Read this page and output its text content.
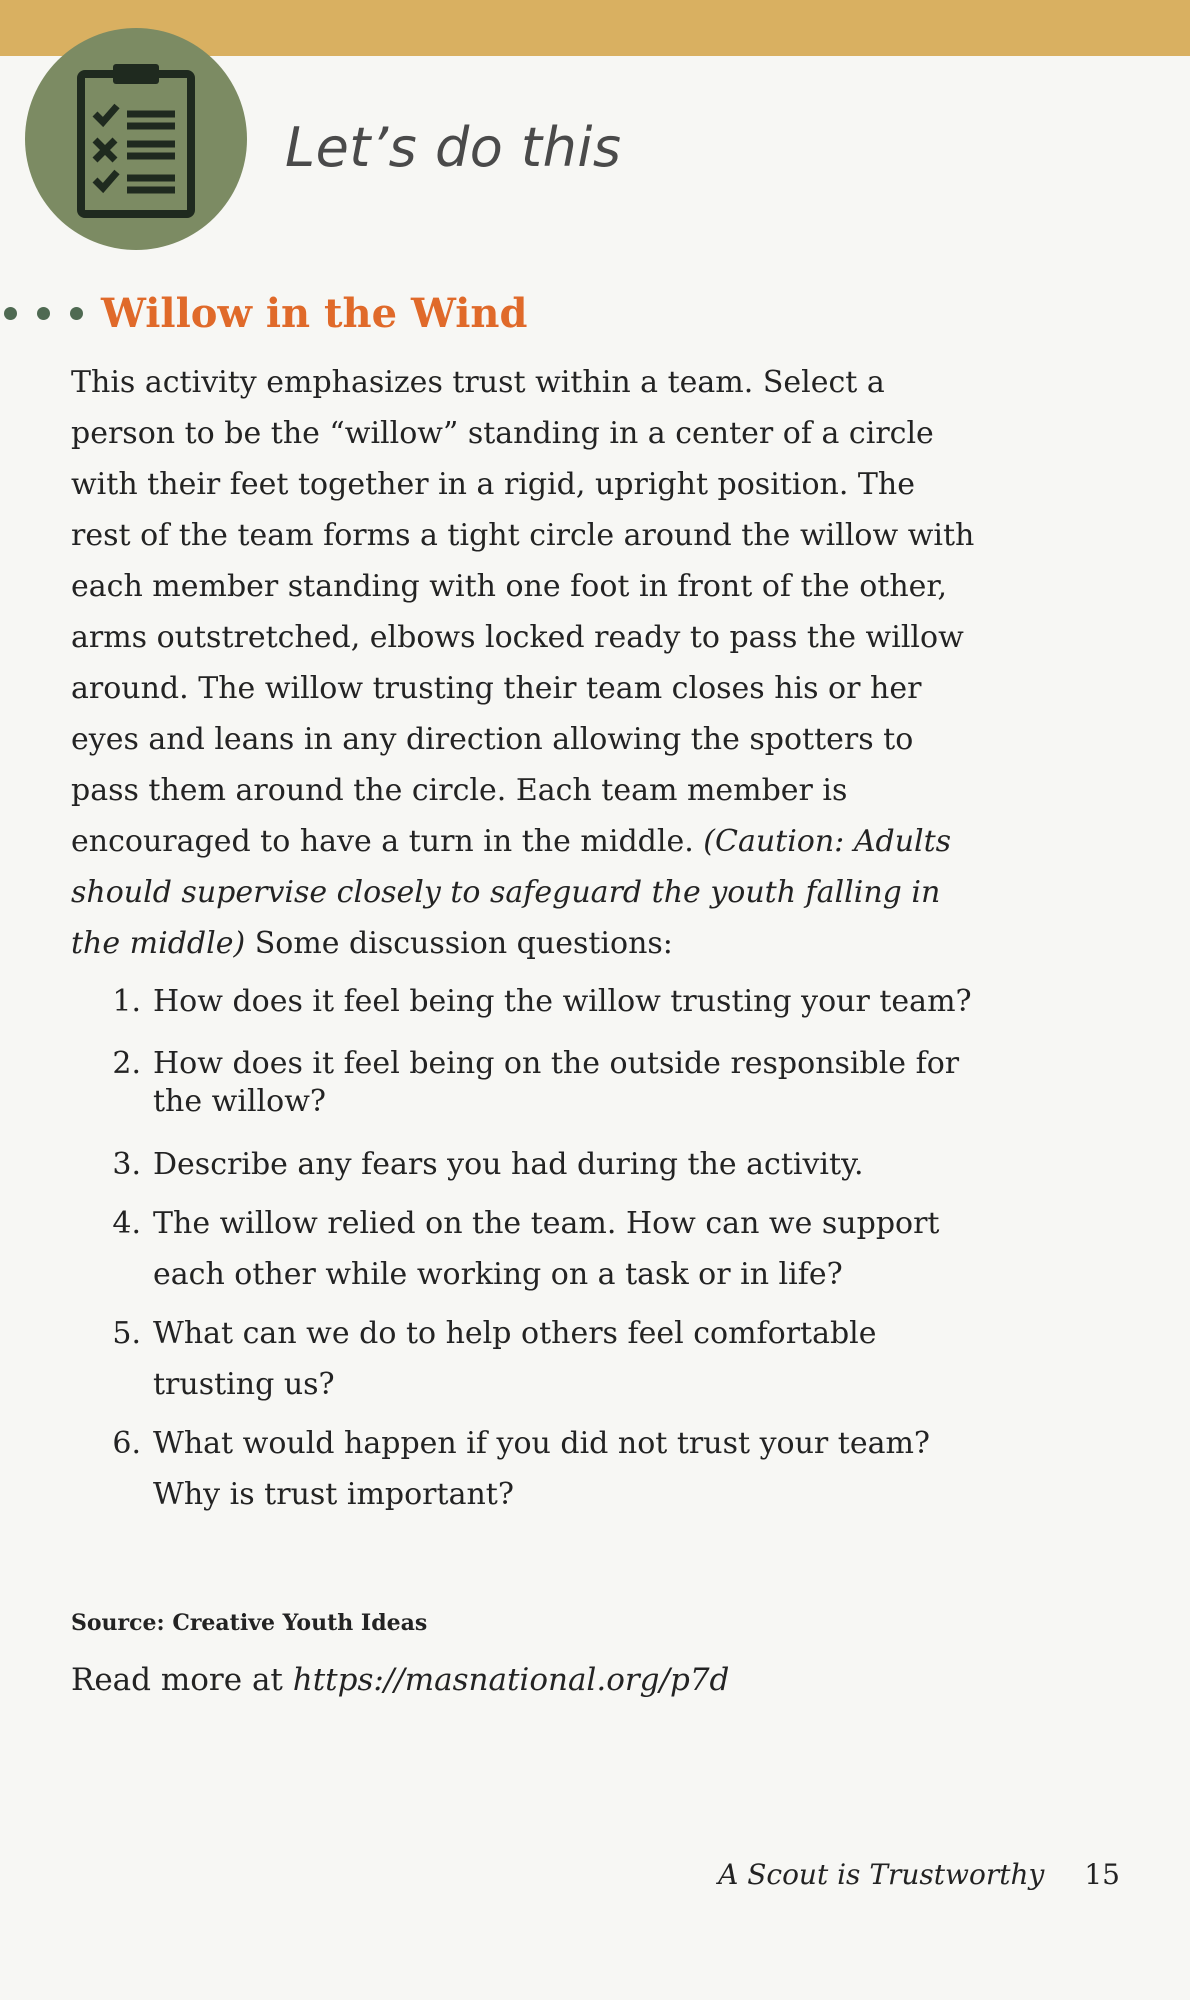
Let’s do this
Willow in the Wind

This activity emphasizes trust within a team. Select a person to be the “willow” standing in a center of a circle with their feet together in a rigid, upright position. The rest of the team forms a tight circle around the willow with each member standing with one foot in front of the other, arms outstretched, elbows locked ready to pass the willow around. The willow trusting their team closes his or her eyes and leans in any direction allowing the spotters to pass them around the circle. Each team member is encouraged to have a turn in the middle. (Caution: Adults should supervise closely to safeguard the youth falling in the middle) Some discussion questions:

1. How does it feel being the willow trusting your team?
2. How does it feel being on the outside responsible for the willow?
3. Describe any fears you had during the activity.
4. The willow relied on the team. How can we support each other while working on a task or in life?
5. What can we do to help others feel comfortable trusting us?
6. What would happen if you did not trust your team? Why is trust important?
Source: Creative Youth Ideas
Read more at https://masnational.org/p7d
A Scout is Trustworthy 15
